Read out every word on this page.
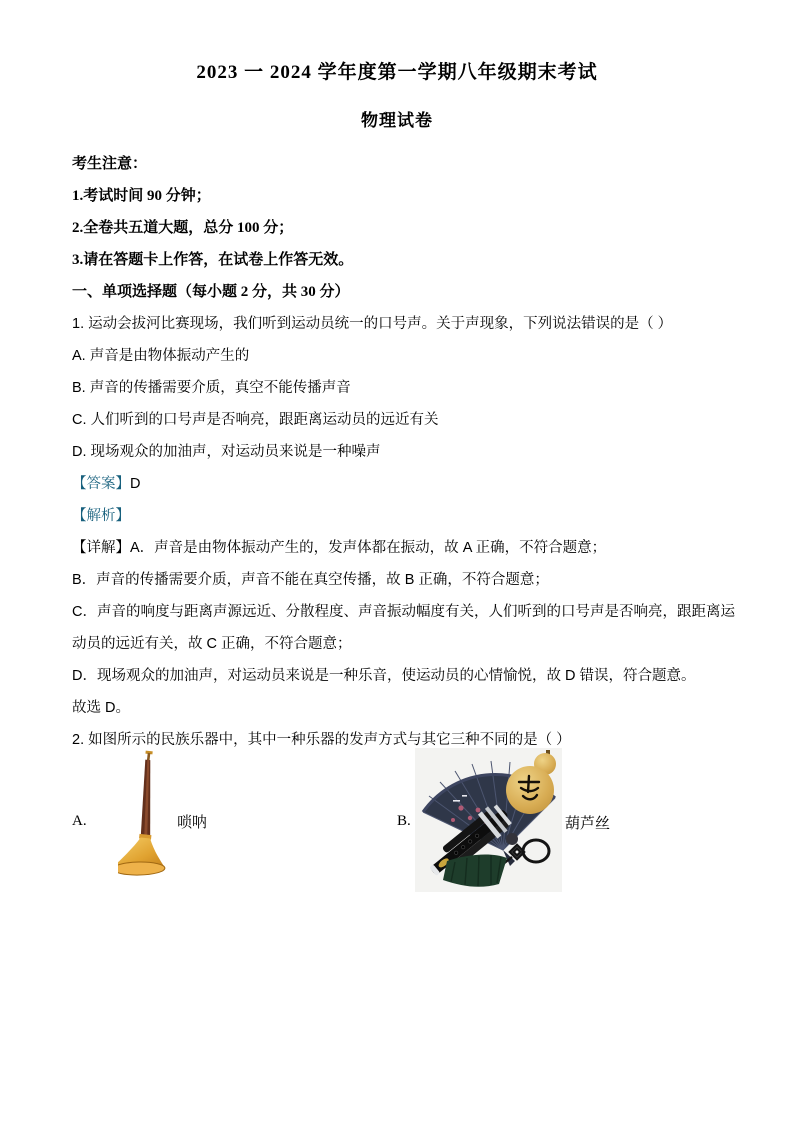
2023 一 2024 学年度第一学期八年级期末考试
物理试卷
考生注意：
1.考试时间 90 分钟；
2.全卷共五道大题，总分 100 分；
3.请在答题卡上作答，在试卷上作答无效。
一、单项选择题（每小题 2 分，共 30 分）
1. 运动会拔河比赛现场，我们听到运动员统一的口号声。关于声现象，下列说法错误的是（ ）
A. 声音是由物体振动产生的
B. 声音的传播需要介质，真空不能传播声音
C. 人们听到的口号声是否响亮，跟距离运动员的远近有关
D. 现场观众的加油声，对运动员来说是一种噪声
【答案】D
【解析】
【详解】A．声音是由物体振动产生的，发声体都在振动，故 A 正确，不符合题意；
B．声音的传播需要介质，声音不能在真空传播，故 B 正确，不符合题意；
C．声音的响度与距离声源远近、分散程度、声音振动幅度有关，人们听到的口号声是否响亮，跟距离运
动员的远近有关，故 C 正确，不符合题意；
D．现场观众的加油声，对运动员来说是一种乐音，使运动员的心情愉悦，故 D 错误，符合题意。
故选 D。
2. 如图所示的民族乐器中，其中一种乐器的发声方式与其它三种不同的是（ ）
A.	唢呐	B.	葫芦丝
